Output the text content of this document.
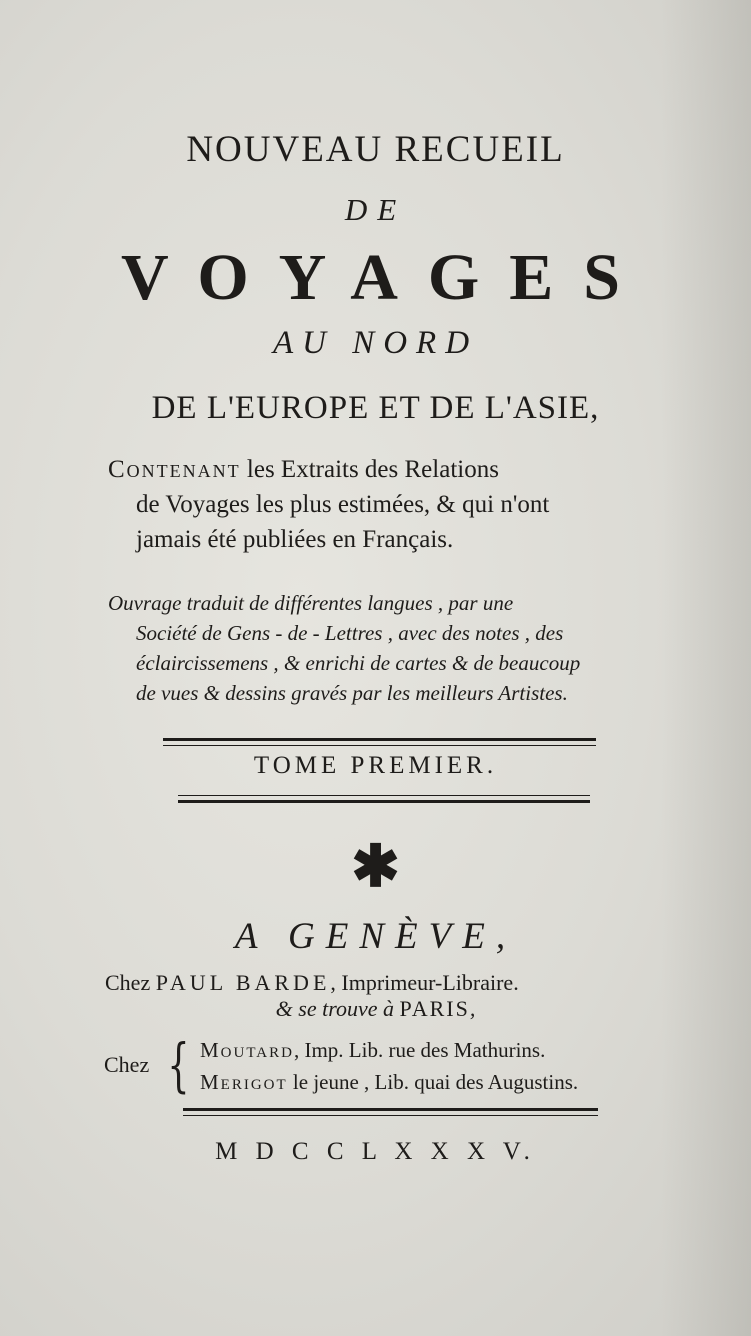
NOUVEAU RECUEIL
DE
VOYAGES
AU NORD
DE L'EUROPE ET DE L'ASIE,
Contenant les Extraits des Relations
de Voyages les plus estimées, & qui n'ont
jamais été publiées en Français.
Ouvrage traduit de différentes langues , par une
Société de Gens - de - Lettres , avec des notes , des
éclaircissemens , & enrichi de cartes & de beaucoup
de vues & dessins gravés par les meilleurs Artistes.
TOME PREMIER.
✱
A GENÈVE,
Chez PAUL BARDE, Imprimeur-Libraire.
& se trouve à PARIS,
Chez { Moutard, Imp. Lib. rue des Mathurins.
Merigot le jeune , Lib. quai des Augustins.
M D C C L X X X V.
